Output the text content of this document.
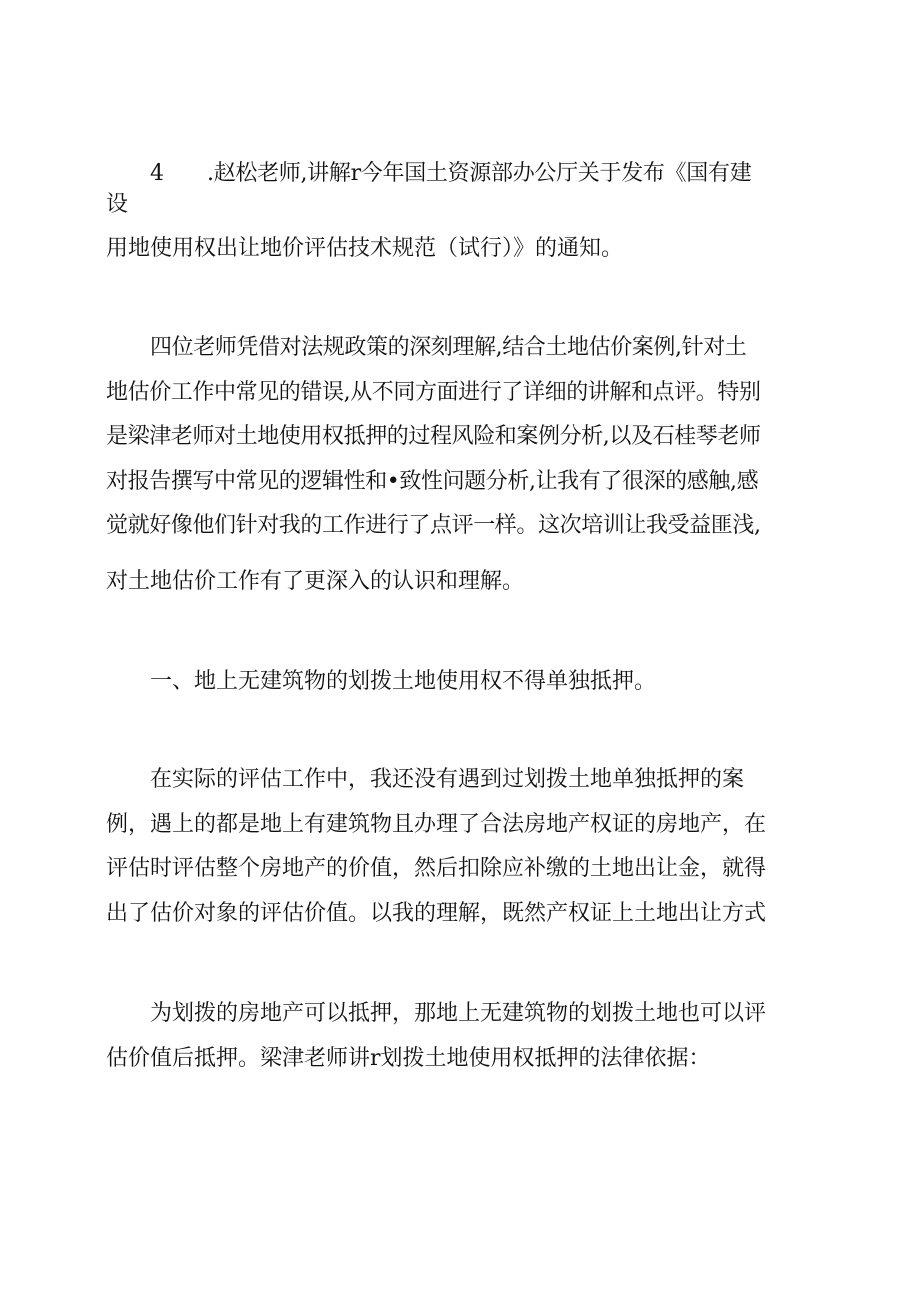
4 .赵松老师,讲解r今年国土资源部办公厅关于发布《国有建

设

用地使用权出让地价评估技术规范（试行）》的通知。

四位老师凭借对法规政策的深刻理解,结合土地估价案例,针对土

地估价工作中常见的错误,从不同方面进行了详细的讲解和点评。特别

是梁津老师对土地使用权抵押的过程风险和案例分析,以及石桂琴老师

对报告撰写中常见的逻辑性和•致性问题分析,让我有了很深的感触,感

觉就好像他们针对我的工作进行了点评一样。这次培训让我受益匪浅,

对土地估价工作有了更深入的认识和理解。

一、地上无建筑物的划拨土地使用权不得单独抵押。

在实际的评估工作中，我还没有遇到过划拨土地单独抵押的案

例，遇上的都是地上有建筑物且办理了合法房地产权证的房地产，在

评估时评估整个房地产的价值，然后扣除应补缴的土地出让金，就得

出了估价对象的评估价值。以我的理解，既然产权证上土地出让方式

为划拨的房地产可以抵押，那地上无建筑物的划拨土地也可以评

估价值后抵押。梁津老师讲r划拨土地使用权抵押的法律依据：
